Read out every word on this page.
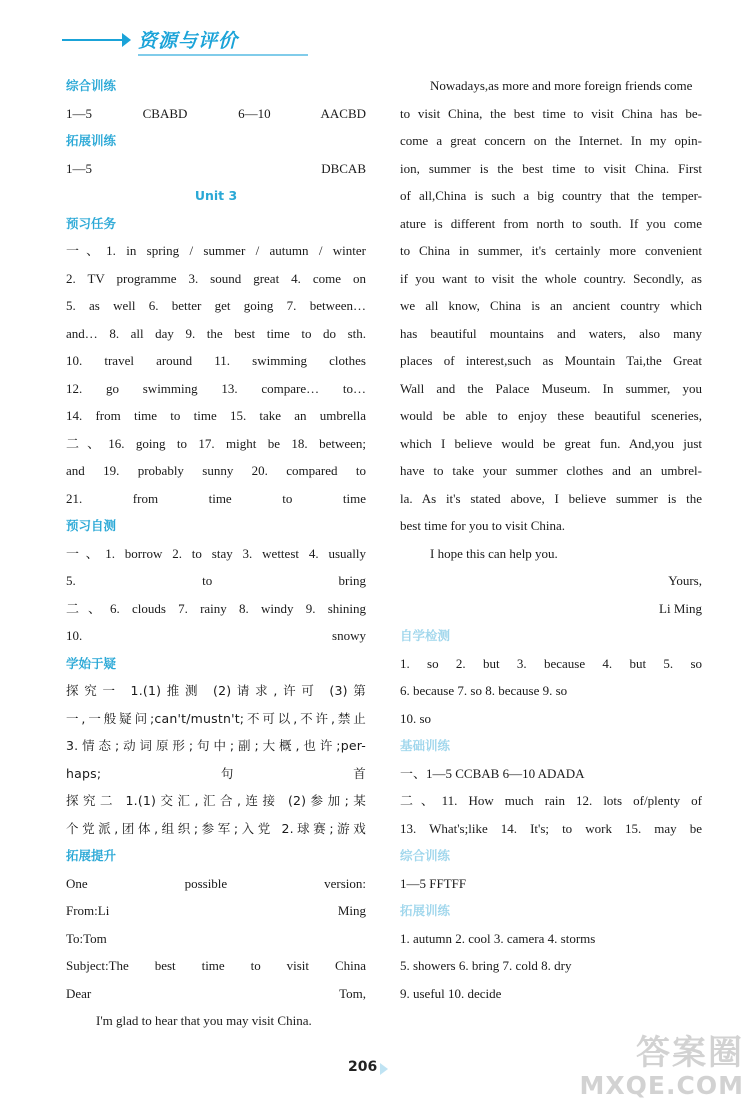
资源与评价
综合训练
1—5 CBABD 6—10 AACBD
拓展训练
1—5 DBCAB
Unit 3
预习任务
一、1. in spring / summer / autumn / winter
2. TV programme 3. sound great 4. come on
5. as well 6. better get going 7. between…
and… 8. all day 9. the best time to do sth.
10. travel around 11. swimming clothes
12. go swimming 13. compare… to…
14. from time to time 15. take an umbrella
二、16. going to 17. might be 18. between;
and 19. probably sunny 20. compared to
21. from time to time
预习自测
一、1. borrow 2. to stay 3. wettest 4. usually
5. to bring
二、6. clouds 7. rainy 8. windy 9. shining
10. snowy
学始于疑
探究一 1.(1)推测 (2)请求,许可 (3)第
一,一般疑问;can't/mustn't;不可以,不许,禁止
3.情态;动词原形;句中;副;大概,也许;per-
haps;句首
探究二 1.(1)交汇,汇合,连接 (2)参加;某
个党派,团体,组织;参军;入党 2.球赛;游戏
拓展提升
One possible version:
From:Li Ming
To:Tom
Subject:The best time to visit China
Dear Tom,
I'm glad to hear that you may visit China.
Nowadays,as more and more foreign friends come
to visit China, the best time to visit China has be-
come a great concern on the Internet. In my opin-
ion, summer is the best time to visit China. First
of all,China is such a big country that the temper-
ature is different from north to south. If you come
to China in summer, it's certainly more convenient
if you want to visit the whole country. Secondly, as
we all know, China is an ancient country which
has beautiful mountains and waters, also many
places of interest,such as Mountain Tai,the Great
Wall and the Palace Museum. In summer, you
would be able to enjoy these beautiful sceneries,
which I believe would be great fun. And,you just
have to take your summer clothes and an umbrel-
la. As it's stated above, I believe summer is the
best time for you to visit China.
I hope this can help you.
Yours,
Li Ming
自学检测
1. so 2. but 3. because 4. but 5. so
6. because 7. so 8. because 9. so
10. so
基础训练
一、1—5 CCBAB 6—10 ADADA
二、11. How much rain 12. lots of/plenty of
13. What's;like 14. It's; to work 15. may be
综合训练
1—5 FFTFF
拓展训练
1. autumn 2. cool 3. camera 4. storms
5. showers 6. bring 7. cold 8. dry
9. useful 10. decide
206	答案圈
MXQE.COM
